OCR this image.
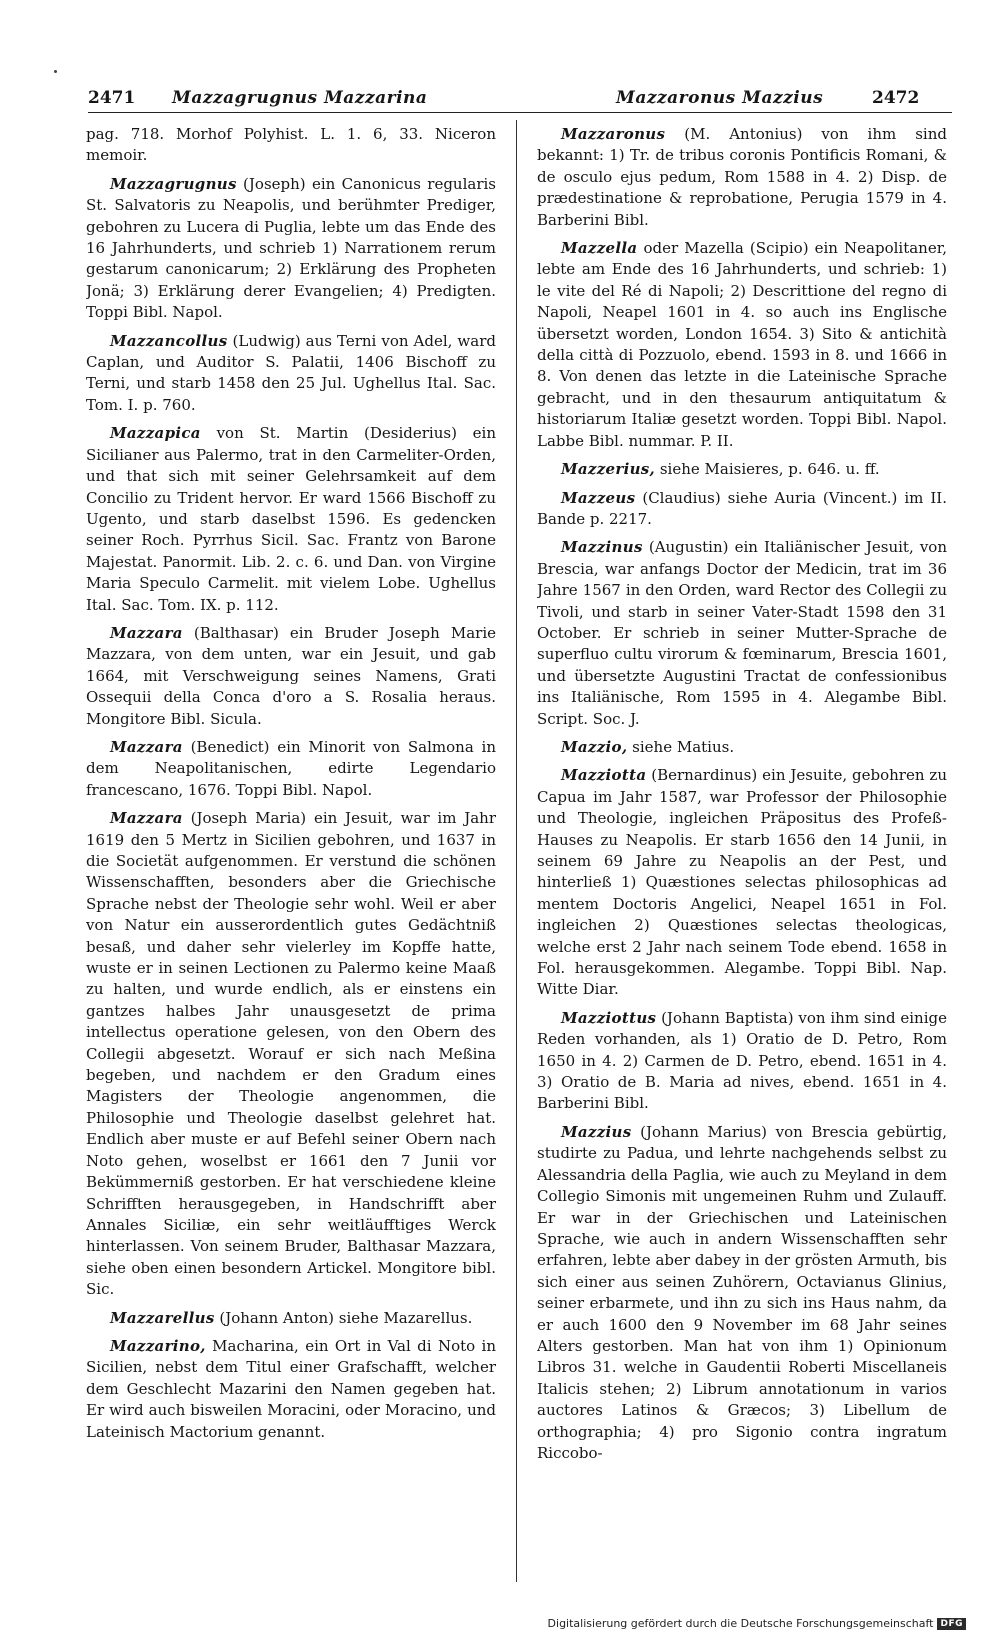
2471 Mazzagrugnus Mazzarina	Mazzaronus Mazzius	2472

pag. 718. Morhof Polyhist. L. 1. 6, 33. Niceron memoir.

Mazzagrugnus (Joseph) ein Canonicus regularis St. Salvatoris zu Neapolis, und berühmter Prediger, gebohren zu Lucera di Puglia, lebte um das Ende des 16 Jahrhunderts, und schrieb 1) Narrationem rerum gestarum canonicarum; 2) Erklärung des Propheten Jonä; 3) Erklärung derer Evangelien; 4) Predigten. Toppi Bibl. Napol.

Mazzancollus (Ludwig) aus Terni von Adel, ward Caplan, und Auditor S. Palatii, 1406 Bischoff zu Terni, und starb 1458 den 25 Jul. Ughellus Ital. Sac. Tom. I. p. 760.

Mazzapica von St. Martin (Desiderius) ein Sicilianer aus Palermo, trat in den Carmeliter-Orden, und that sich mit seiner Gelehrsamkeit auf dem Concilio zu Trident hervor. Er ward 1566 Bischoff zu Ugento, und starb daselbst 1596. Es gedencken seiner Roch. Pyrrhus Sicil. Sac. Frantz von Barone Majestat. Panormit. Lib. 2. c. 6. und Dan. von Virgine Maria Speculo Carmelit. mit vielem Lobe. Ughellus Ital. Sac. Tom. IX. p. 112.

Mazzara (Balthasar) ein Bruder Joseph Marie Mazzara, von dem unten, war ein Jesuit, und gab 1664, mit Verschweigung seines Namens, Grati Ossequii della Conca d'oro a S. Rosalia heraus. Mongitore Bibl. Sicula.

Mazzara (Benedict) ein Minorit von Salmona in dem Neapolitanischen, edirte Legendario francescano, 1676. Toppi Bibl. Napol.

Mazzara (Joseph Maria) ein Jesuit, war im Jahr 1619 den 5 Mertz in Sicilien gebohren, und 1637 in die Societät aufgenommen. Er verstund die schönen Wissenschafften, besonders aber die Griechische Sprache nebst der Theologie sehr wohl. Weil er aber von Natur ein ausserordentlich gutes Gedächtniß besaß, und daher sehr vielerley im Kopffe hatte, wuste er in seinen Lectionen zu Palermo keine Maaß zu halten, und wurde endlich, als er einstens ein gantzes halbes Jahr unausgesetzt de prima intellectus operatione gelesen, von den Obern des Collegii abgesetzt. Worauf er sich nach Meßina begeben, und nachdem er den Gradum eines Magisters der Theologie angenommen, die Philosophie und Theologie daselbst gelehret hat. Endlich aber muste er auf Befehl seiner Obern nach Noto gehen, woselbst er 1661 den 7 Junii vor Bekümmerniß gestorben. Er hat verschiedene kleine Schrifften herausgegeben, in Handschrifft aber Annales Siciliæ, ein sehr weitläufftiges Werck hinterlassen. Von seinem Bruder, Balthasar Mazzara, siehe oben einen besondern Artickel. Mongitore bibl. Sic.

Mazzarellus (Johann Anton) siehe Mazarellus.

Mazzarino, Macharina, ein Ort in Val di Noto in Sicilien, nebst dem Titul einer Grafschafft, welcher dem Geschlecht Mazarini den Namen gegeben hat. Er wird auch bisweilen Moracini, oder Moracino, und Lateinisch Mactorium genannt.

Mazzaronus (M. Antonius) von ihm sind bekannt: 1) Tr. de tribus coronis Pontificis Romani, & de osculo ejus pedum, Rom 1588 in 4. 2) Disp. de prædestinatione & reprobatione, Perugia 1579 in 4. Barberini Bibl.

Mazzella oder Mazella (Scipio) ein Neapolitaner, lebte am Ende des 16 Jahrhunderts, und schrieb: 1) le vite del Ré di Napoli; 2) Descrittione del regno di Napoli, Neapel 1601 in 4. so auch ins Englische übersetzt worden, London 1654. 3) Sito & antichità della città di Pozzuolo, ebend. 1593 in 8. und 1666 in 8. Von denen das letzte in die Lateinische Sprache gebracht, und in den thesaurum antiquitatum & historiarum Italiæ gesetzt worden. Toppi Bibl. Napol. Labbe Bibl. nummar. P. II.

Mazzerius, siehe Maisieres, p. 646. u. ff.

Mazzeus (Claudius) siehe Auria (Vincent.) im II. Bande p. 2217.

Mazzinus (Augustin) ein Italiänischer Jesuit, von Brescia, war anfangs Doctor der Medicin, trat im 36 Jahre 1567 in den Orden, ward Rector des Collegii zu Tivoli, und starb in seiner Vater-Stadt 1598 den 31 October. Er schrieb in seiner Mutter-Sprache de superfluo cultu virorum & fœminarum, Brescia 1601, und übersetzte Augustini Tractat de confessionibus ins Italiänische, Rom 1595 in 4. Alegambe Bibl. Script. Soc. J.

Mazzio, siehe Matius.

Mazziotta (Bernardinus) ein Jesuite, gebohren zu Capua im Jahr 1587, war Professor der Philosophie und Theologie, ingleichen Präpositus des Profeß-Hauses zu Neapolis. Er starb 1656 den 14 Junii, in seinem 69 Jahre zu Neapolis an der Pest, und hinterließ 1) Quæstiones selectas philosophicas ad mentem Doctoris Angelici, Neapel 1651 in Fol. ingleichen 2) Quæstiones selectas theologicas, welche erst 2 Jahr nach seinem Tode ebend. 1658 in Fol. herausgekommen. Alegambe. Toppi Bibl. Nap. Witte Diar.

Mazziottus (Johann Baptista) von ihm sind einige Reden vorhanden, als 1) Oratio de D. Petro, Rom 1650 in 4. 2) Carmen de D. Petro, ebend. 1651 in 4. 3) Oratio de B. Maria ad nives, ebend. 1651 in 4. Barberini Bibl.

Mazzius (Johann Marius) von Brescia gebürtig, studirte zu Padua, und lehrte nachgehends selbst zu Alessandria della Paglia, wie auch zu Meyland in dem Collegio Simonis mit ungemeinen Ruhm und Zulauff. Er war in der Griechischen und Lateinischen Sprache, wie auch in andern Wissenschafften sehr erfahren, lebte aber dabey in der grösten Armuth, bis sich einer aus seinen Zuhörern, Octavianus Glinius, seiner erbarmete, und ihn zu sich ins Haus nahm, da er auch 1600 den 9 November im 68 Jahr seines Alters gestorben. Man hat von ihm 1) Opinionum Libros 31. welche in Gaudentii Roberti Miscellaneis Italicis stehen; 2) Librum annotationum in varios auctores Latinos & Græcos; 3) Libellum de orthographia; 4) pro Sigonio contra ingratum Riccobo-

Digitalisierung gefördert durch die Deutsche Forschungsgemeinschaft DFG
